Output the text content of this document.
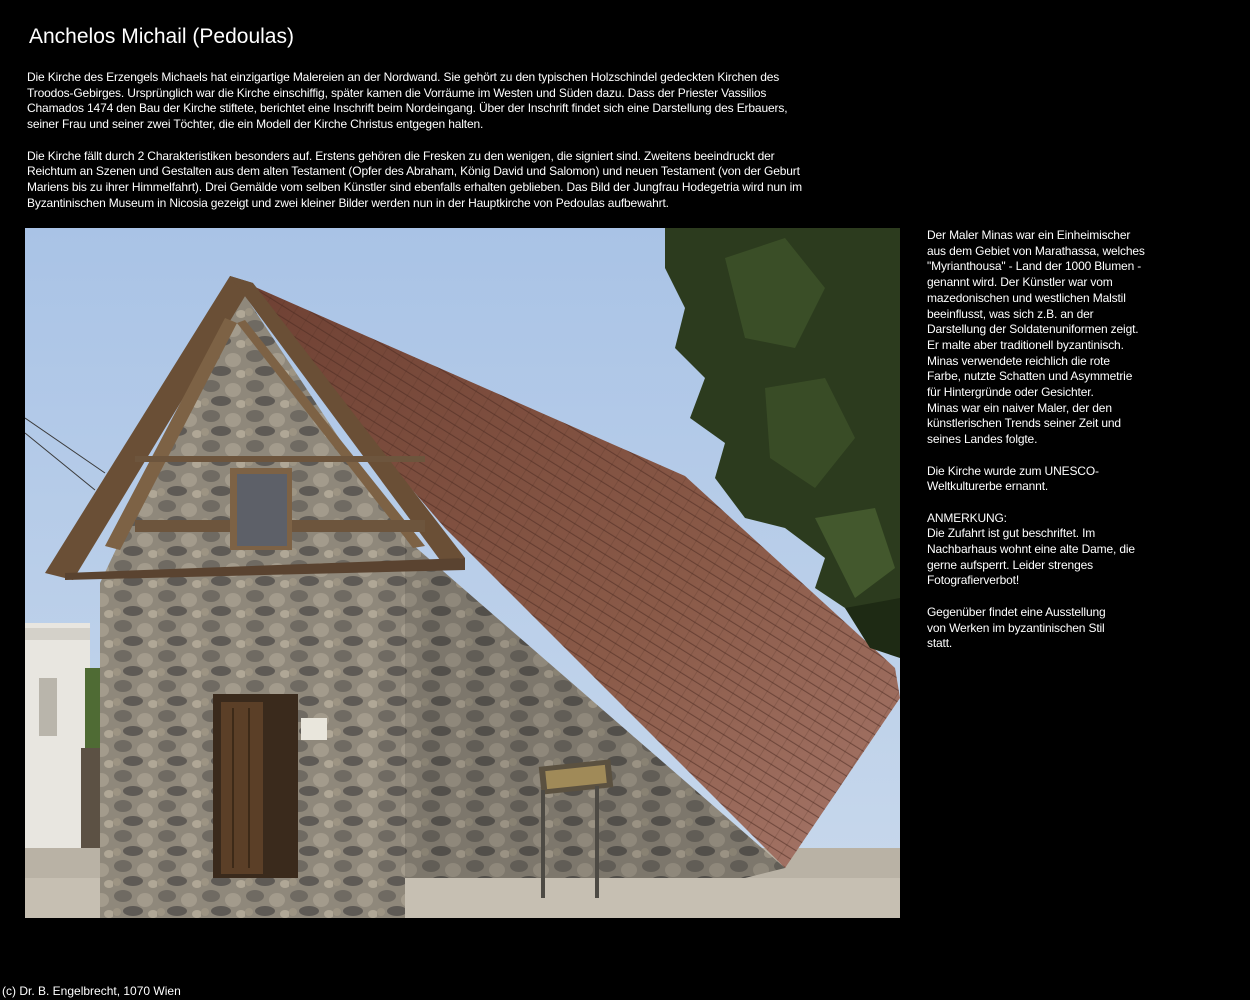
Anchelos Michail (Pedoulas)

Die Kirche des Erzengels Michaels hat einzigartige Malereien an der Nordwand. Sie gehört zu den typischen Holzschindel gedeckten Kirchen des Troodos-Gebirges. Ursprünglich war die Kirche einschiffig, später kamen die Vorräume im Westen und Süden dazu. Dass der Priester Vassilios Chamados 1474 den Bau der Kirche stiftete, berichtet eine Inschrift beim Nordeingang. Über der Inschrift findet sich eine Darstellung des Erbauers, seiner Frau und seiner zwei Töchter, die ein Modell der Kirche Christus entgegen halten.

Die Kirche fällt durch 2 Charakteristiken besonders auf. Erstens gehören die Fresken zu den wenigen, die signiert sind. Zweitens beeindruckt der Reichtum an Szenen und Gestalten aus dem alten Testament (Opfer des Abraham, König David und Salomon) und neuen Testament (von der Geburt Mariens bis zu ihrer Himmelfahrt). Drei Gemälde vom selben Künstler sind ebenfalls erhalten geblieben. Das Bild der Jungfrau Hodegetria wird nun im Byzantinischen Museum in Nicosia gezeigt und zwei kleiner Bilder werden nun in der Hauptkirche von Pedoulas aufbewahrt.

Der Maler Minas war ein Einheimischer
aus dem Gebiet von Marathassa, welches
"Myrianthousa" - Land der 1000 Blumen -
genannt wird. Der Künstler war vom
mazedonischen und westlichen Malstil
beeinflusst, was sich z.B. an der
Darstellung der Soldatenuniformen zeigt.
Er malte aber traditionell byzantinisch.
Minas verwendete reichlich die rote
Farbe, nutzte Schatten und Asymmetrie
für Hintergründe oder Gesichter.
Minas war ein naiver Maler, der den
künstlerischen Trends seiner Zeit und
seines Landes folgte.

Die Kirche wurde zum UNESCO-
Weltkulturerbe ernannt.

ANMERKUNG:
Die Zufahrt ist gut beschriftet. Im
Nachbarhaus wohnt eine alte Dame, die
gerne aufsperrt. Leider strenges
Fotografierverbot!

Gegenüber findet eine Ausstellung
von Werken im byzantinischen Stil
statt.

(c) Dr. B. Engelbrecht, 1070 Wien
